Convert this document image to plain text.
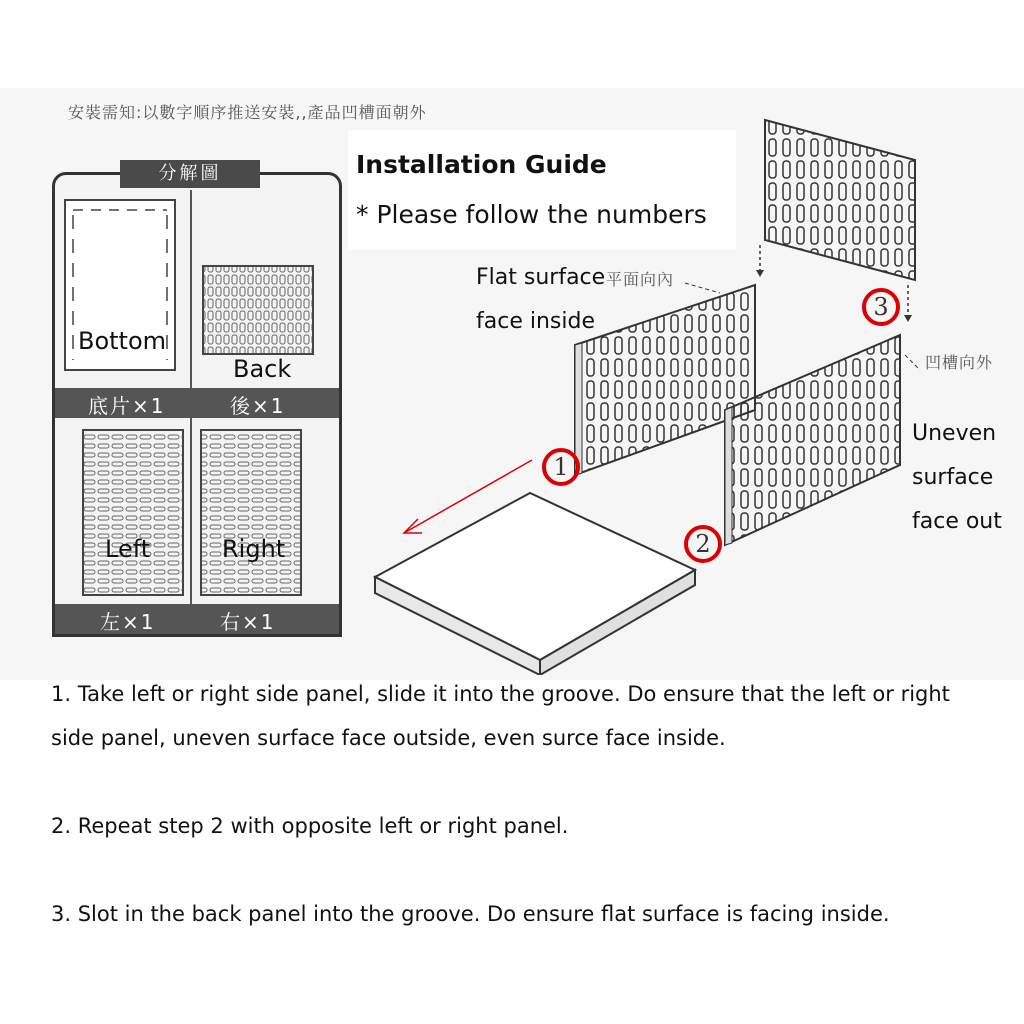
安裝需知:以數字順序推送安裝,,產品凹槽面朝外
分解圖
Bottom
Back
底片×1	後×1
Left	Right
左×1	右×1
Installation Guide
* Please follow the numbers
1
2
3
Flat surface 平面向內
face inside
凹槽向外
Uneven
surface
face out

1. Take left or right side panel, slide it into the groove. Do ensure that the left or right side panel, uneven surface face outside, even surce face inside.

2. Repeat step 2 with opposite left or right panel.

3. Slot in the back panel into the groove. Do ensure flat surface is facing inside.
